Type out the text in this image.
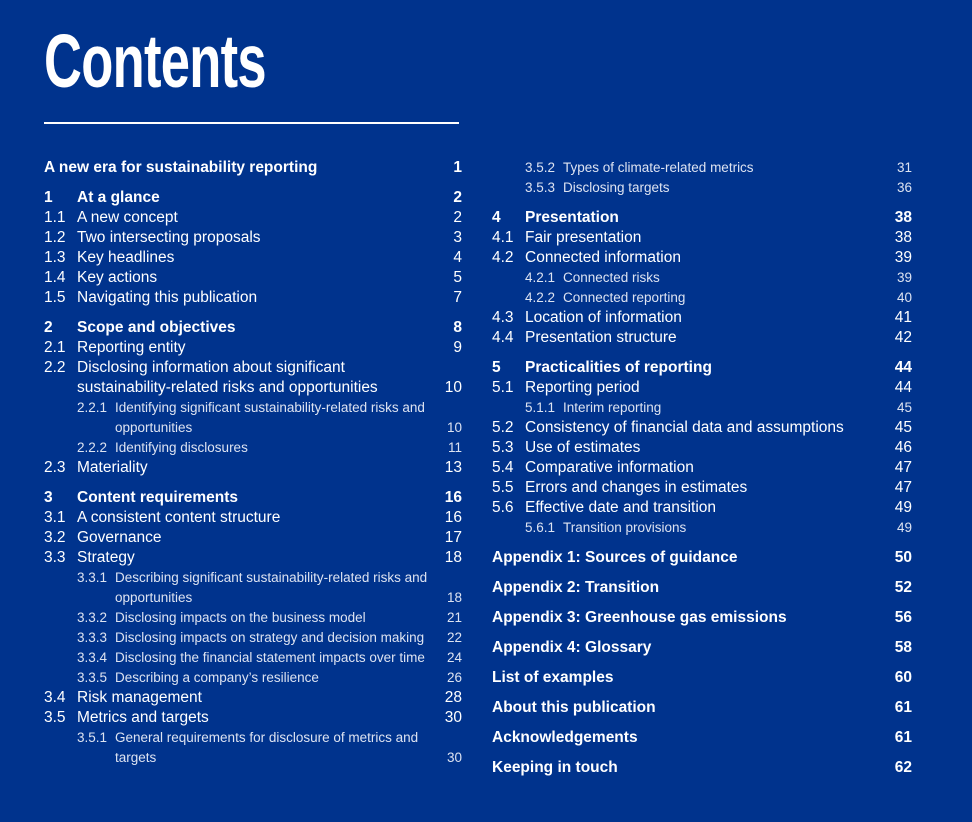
Contents
A new era for sustainability reporting	1
1	At a glance	2
1.1 A new concept	2
1.2 Two intersecting proposals	3
1.3 Key headlines	4
1.4 Key actions	5
1.5 Navigating this publication	7
2	Scope and objectives	8
2.1 Reporting entity	9
2.2 Disclosing information about significant sustainability-related risks and opportunities	10
2.2.1 Identifying significant sustainability-related risks and opportunities	10
2.2.2 Identifying disclosures	11
2.3 Materiality	13
3	Content requirements	16
3.1 A consistent content structure	16
3.2 Governance	17
3.3 Strategy	18
3.3.1 Describing significant sustainability-related risks and opportunities	18
3.3.2 Disclosing impacts on the business model	21
3.3.3 Disclosing impacts on strategy and decision making	22
3.3.4 Disclosing the financial statement impacts over time	24
3.3.5 Describing a company’s resilience	26
3.4 Risk management	28
3.5 Metrics and targets	30
3.5.1 General requirements for disclosure of metrics and targets	30
3.5.2 Types of climate-related metrics	31
3.5.3 Disclosing targets	36
4	Presentation	38
4.1 Fair presentation	38
4.2 Connected information	39
4.2.1 Connected risks	39
4.2.2 Connected reporting	40
4.3 Location of information	41
4.4 Presentation structure	42
5	Practicalities of reporting	44
5.1 Reporting period	44
5.1.1 Interim reporting	45
5.2 Consistency of financial data and assumptions	45
5.3 Use of estimates	46
5.4 Comparative information	47
5.5 Errors and changes in estimates	47
5.6 Effective date and transition	49
5.6.1 Transition provisions	49
Appendix 1: Sources of guidance	50
Appendix 2: Transition	52
Appendix 3: Greenhouse gas emissions	56
Appendix 4: Glossary	58
List of examples	60
About this publication	61
Acknowledgements	61
Keeping in touch	62
